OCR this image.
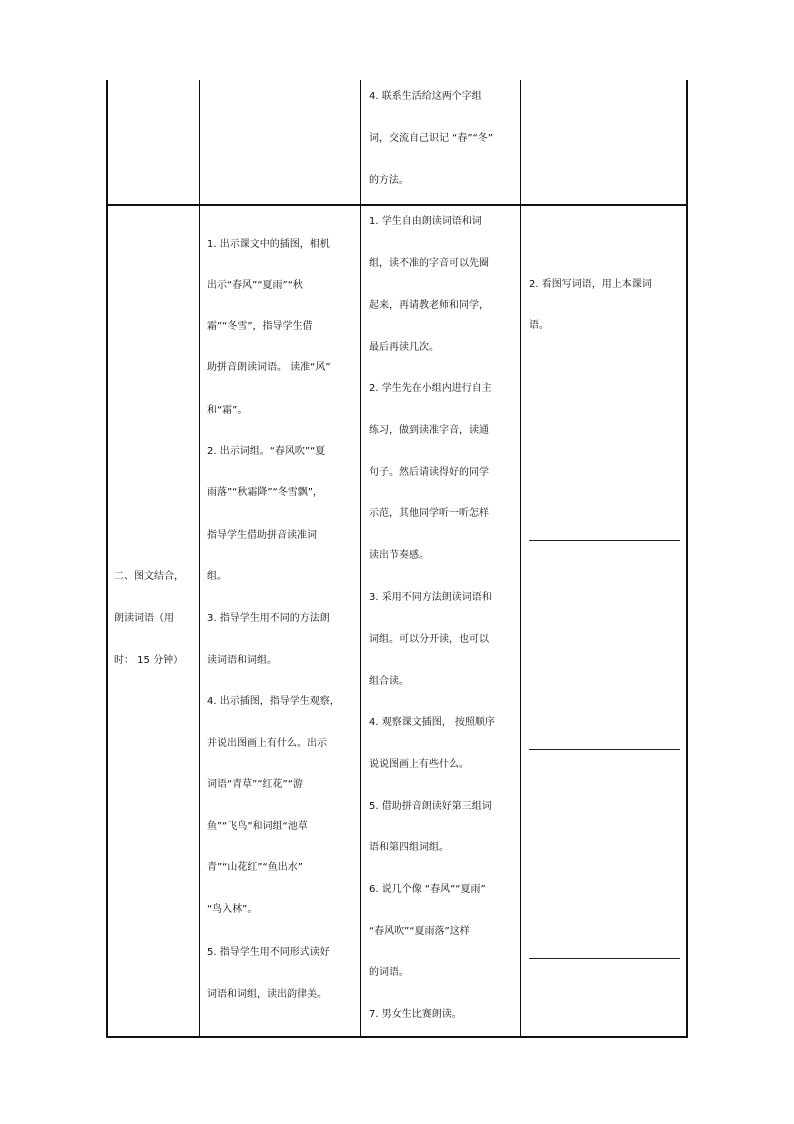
4. 联系生活给这两个字组
词，交流自己识记 “春”“冬”
的方法。
二、图文结合，
朗读词语（用
时： 15 分钟）
1. 出示课文中的插图，相机
出示“春风”“夏雨”“秋
霜”“冬雪”，指导学生借
助拼音朗读词语。 读准“风”
和“霜”。
2. 出示词组。“春风吹”“夏
雨落”“秋霜降”“冬雪飘”，
指导学生借助拼音读准词
组。
3. 指导学生用不同的方法朗
读词语和词组。
4. 出示插图，指导学生观察，
并说出图画上有什么。出示
词语“青草”“红花”“游
鱼”“飞鸟”和词组“池草
青”“山花红”“鱼出水”
“鸟入林”。
5. 指导学生用不同形式读好
词语和词组，读出韵律美。
1. 学生自由朗读词语和词
组，读不准的字音可以先圈
起来，再请教老师和同学，
最后再读几次。
2. 学生先在小组内进行自主
练习，做到读准字音，读通
句子。然后请读得好的同学
示范，其他同学听一听怎样
读出节奏感。
3. 采用不同方法朗读词语和
词组。可以分开读，也可以
组合读。
4. 观察课文插图， 按照顺序
说说图画上有些什么。
5. 借助拼音朗读好第三组词
语和第四组词组。
6. 说几个像 “春风”“夏雨”
“春风吹”“夏雨落”这样
的词语。
7. 男女生比赛朗读。
2. 看图写词语，用上本课词
语。
